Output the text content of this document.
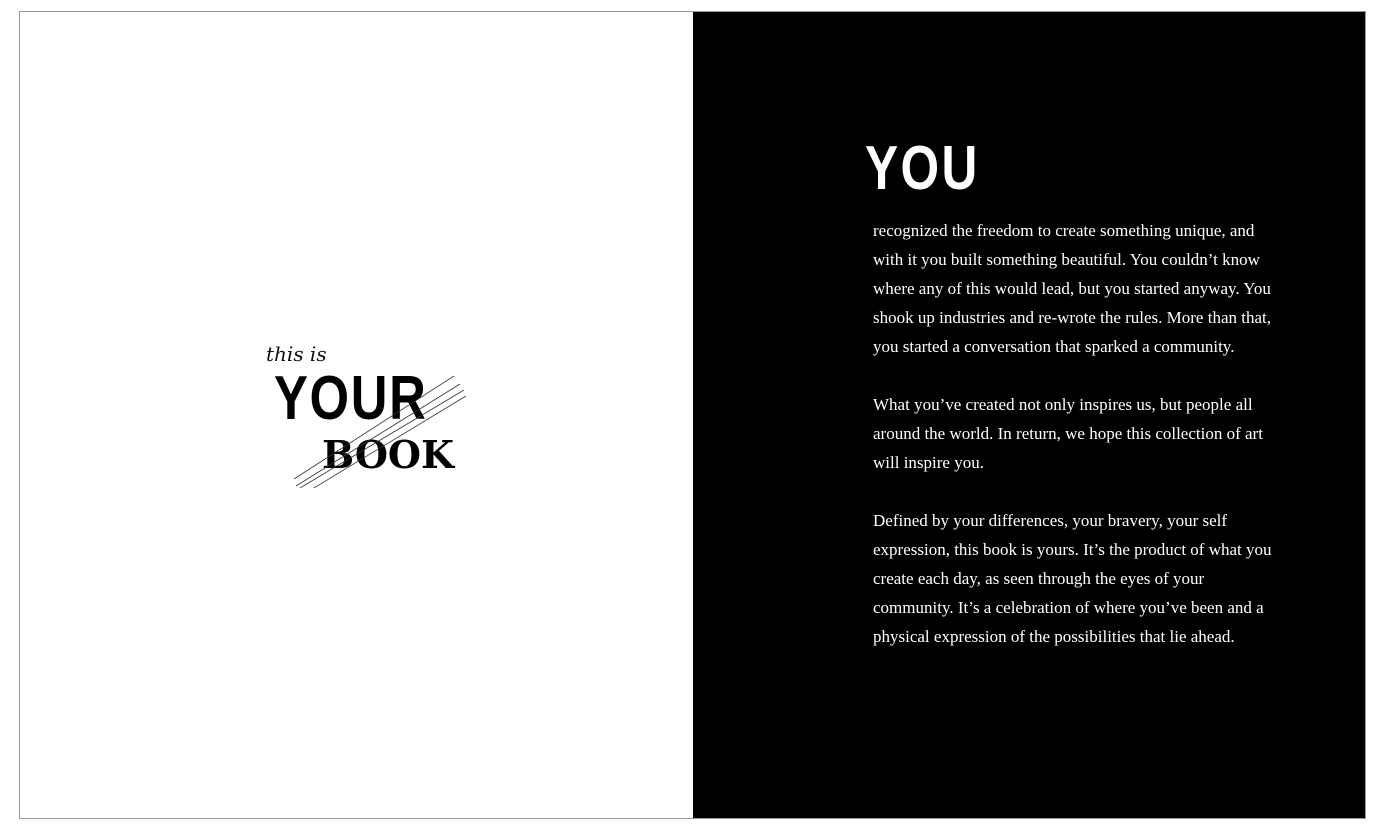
this is
YOUR
BOOK
YOU

recognized the freedom to create something unique, and with it you built something beautiful. You couldn’t know where any of this would lead, but you started anyway. You shook up industries and re-wrote the rules. More than that, you started a conversation that sparked a community.

What you’ve created not only inspires us, but people all around the world. In return, we hope this collection of art will inspire you.

Defined by your differences, your bravery, your self expression, this book is yours. It’s the product of what you create each day, as seen through the eyes of your community. It’s a celebration of where you’ve been and a physical expression of the possibilities that lie ahead.
